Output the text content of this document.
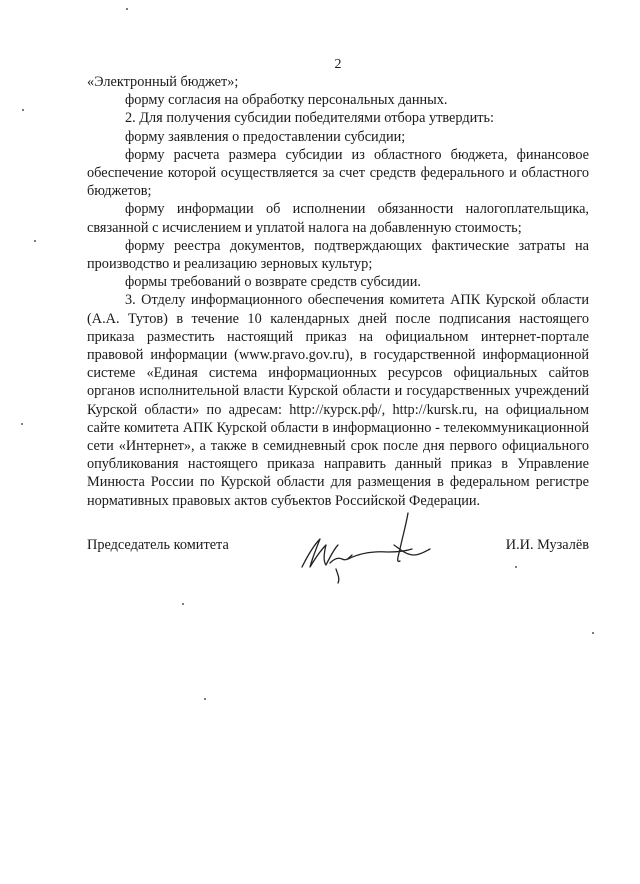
2

«Электронный бюджет»;

форму согласия на обработку персональных данных.

2. Для получения субсидии победителями отбора утвердить:

форму заявления о предоставлении субсидии;

форму расчета размера субсидии из областного бюджета, финансовое обеспечение которой осуществляется за счет средств федерального и областного бюджетов;

форму информации об исполнении обязанности налогоплательщика, связанной с исчислением и уплатой налога на добавленную стоимость;

форму реестра документов, подтверждающих фактические затраты на производство и реализацию зерновых культур;

формы требований о возврате средств субсидии.

3. Отделу информационного обеспечения комитета АПК Курской области (А.А. Тутов) в течение 10 календарных дней после подписания настоящего приказа разместить настоящий приказ на официальном интернет-портале правовой информации (www.pravo.gov.ru), в государственной информационной системе «Единая система информационных ресурсов официальных сайтов органов исполнительной власти Курской области и государственных учреждений Курской области» по адресам: http://курск.рф/, http://kursk.ru, на официальном сайте комитета АПК Курской области в информационно - телекоммуникационной сети «Интернет», а также в семидневный срок после дня первого официального опубликования настоящего приказа направить данный приказ в Управление Минюста России по Курской области для размещения в федеральном регистре нормативных правовых актов субъектов Российской Федерации.

Председатель комитета	И.И. Музалёв
